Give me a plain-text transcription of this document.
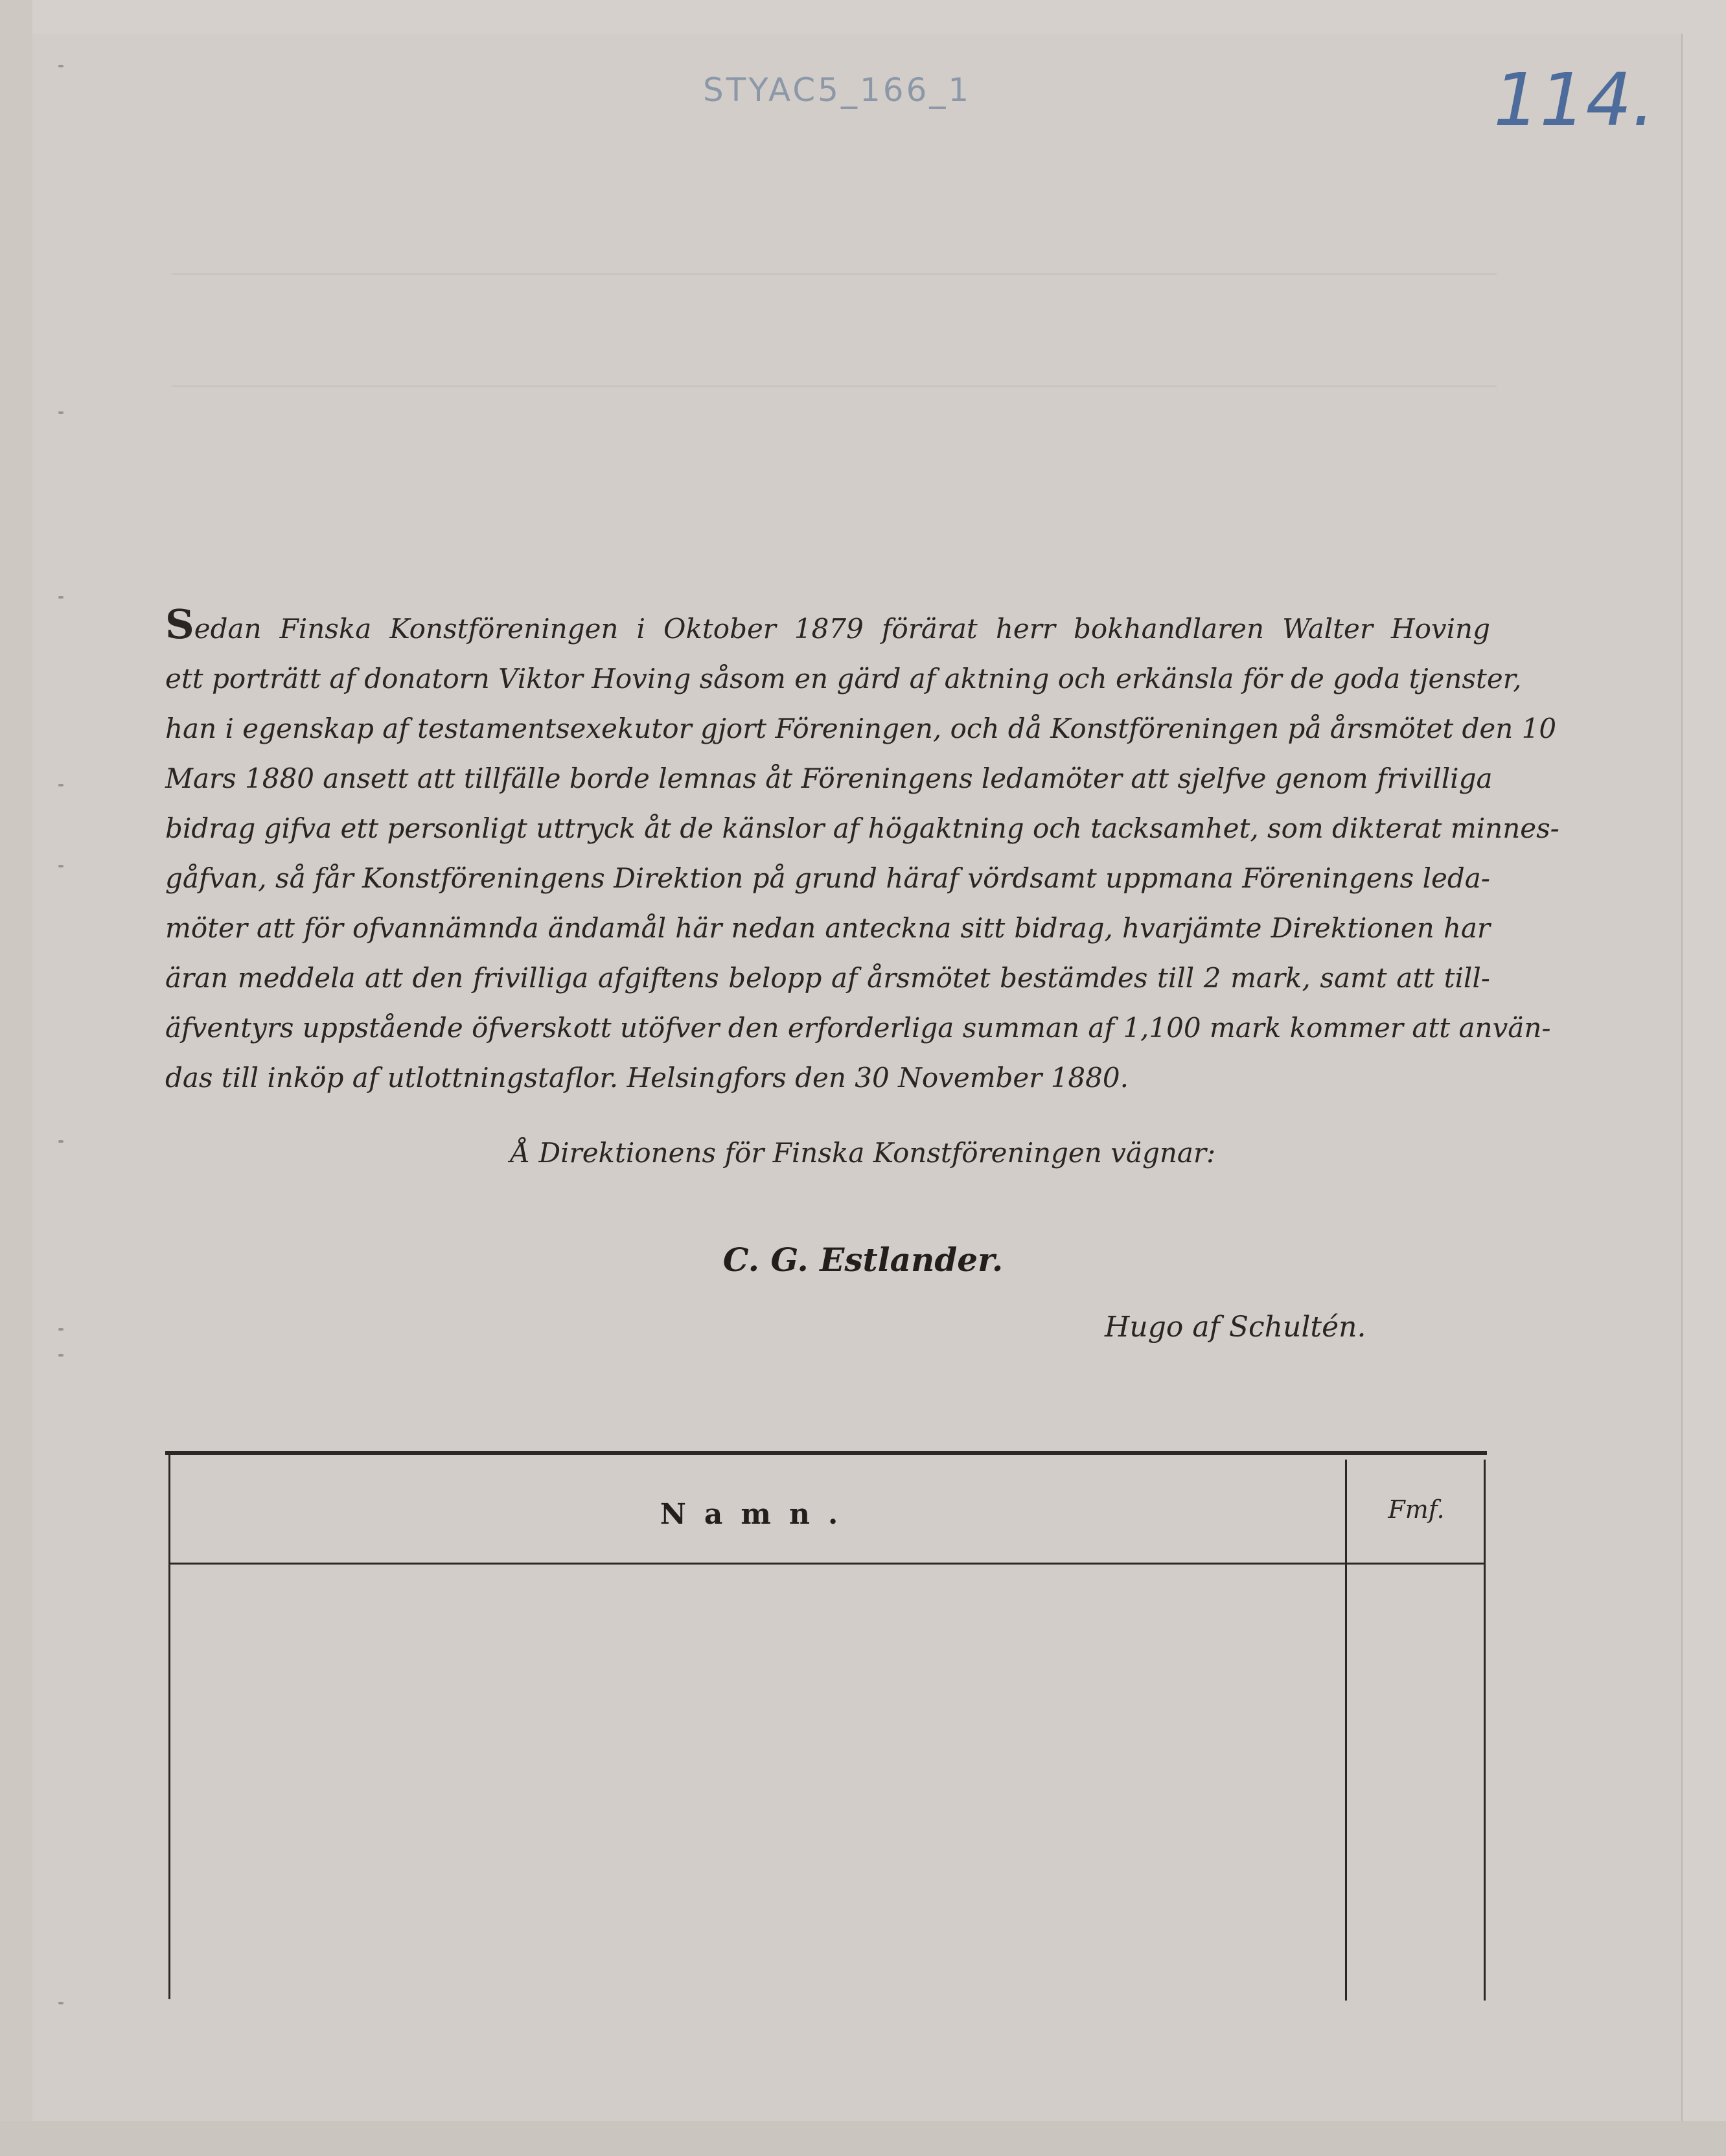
STYAC5_166_1	114.
Sedan Finska Konstföreningen i Oktober 1879 förärat herr bokhandlaren Walter Hoving
ett porträtt af donatorn Viktor Hoving såsom en gärd af aktning och erkänsla för de goda tjenster,
han i egenskap af testamentsexekutor gjort Föreningen, och då Konstföreningen på årsmötet den 10
Mars 1880 ansett att tillfälle borde lemnas åt Föreningens ledamöter att sjelfve genom frivilliga
bidrag gifva ett personligt uttryck åt de känslor af högaktning och tacksamhet, som dikterat minnes-
gåfvan, så får Konstföreningens Direktion på grund häraf vördsamt uppmana Föreningens leda-
möter att för ofvannämnda ändamål här nedan anteckna sitt bidrag, hvarjämte Direktionen har
äran meddela att den frivilliga afgiftens belopp af årsmötet bestämdes till 2 mark, samt att till-
äfventyrs uppstående öfverskott utöfver den erforderliga summan af 1,100 mark kommer att använ-
das till inköp af utlottningstaflor. Helsingfors den 30 November 1880.
Å Direktionens för Finska Konstföreningen vägnar:
C. G. Estlander.
Hugo af Schultén.
Namn.	Fmf.
